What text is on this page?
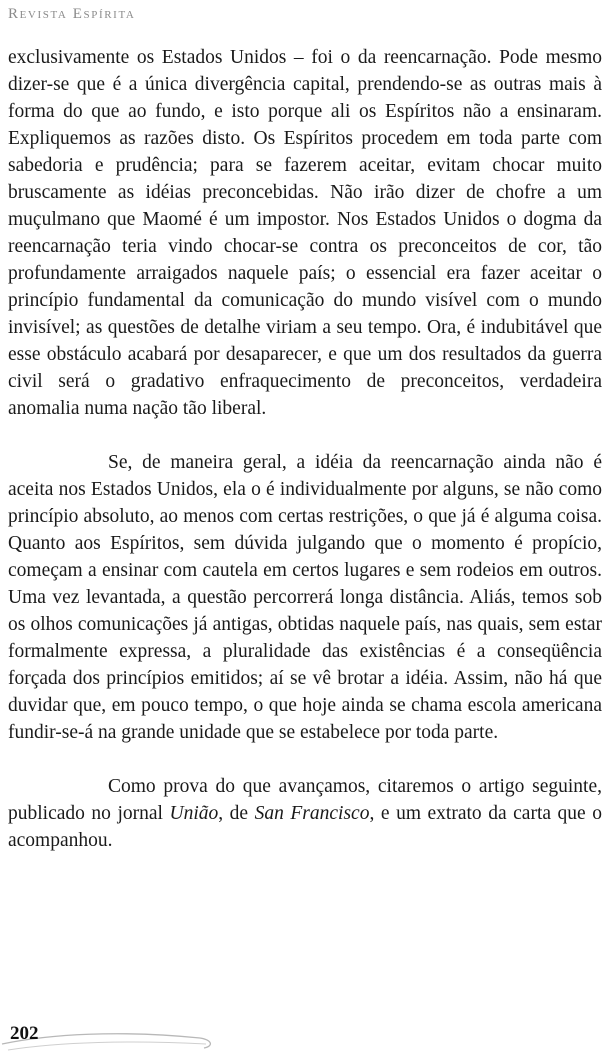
Revista Espírita

exclusivamente os Estados Unidos – foi o da reencarnação. Pode mesmo dizer-se que é a única divergência capital, prendendo-se as outras mais à forma do que ao fundo, e isto porque ali os Espíritos não a ensinaram. Expliquemos as razões disto. Os Espíritos procedem em toda parte com sabedoria e prudência; para se fazerem aceitar, evitam chocar muito bruscamente as idéias preconcebidas. Não irão dizer de chofre a um muçulmano que Maomé é um impostor. Nos Estados Unidos o dogma da reencarnação teria vindo chocar-se contra os preconceitos de cor, tão profundamente arraigados naquele país; o essencial era fazer aceitar o princípio fundamental da comunicação do mundo visível com o mundo invisível; as questões de detalhe viriam a seu tempo. Ora, é indubitável que esse obstáculo acabará por desaparecer, e que um dos resultados da guerra civil será o gradativo enfraquecimento de preconceitos, verdadeira anomalia numa nação tão liberal.

Se, de maneira geral, a idéia da reencarnação ainda não é aceita nos Estados Unidos, ela o é individualmente por alguns, se não como princípio absoluto, ao menos com certas restrições, o que já é alguma coisa. Quanto aos Espíritos, sem dúvida julgando que o momento é propício, começam a ensinar com cautela em certos lugares e sem rodeios em outros. Uma vez levantada, a questão percorrerá longa distância. Aliás, temos sob os olhos comunicações já antigas, obtidas naquele país, nas quais, sem estar formalmente expressa, a pluralidade das existências é a conseqüência forçada dos princípios emitidos; aí se vê brotar a idéia. Assim, não há que duvidar que, em pouco tempo, o que hoje ainda se chama escola americana fundir-se-á na grande unidade que se estabelece por toda parte.

Como prova do que avançamos, citaremos o artigo seguinte, publicado no jornal União, de San Francisco, e um extrato da carta que o acompanhou.

202
